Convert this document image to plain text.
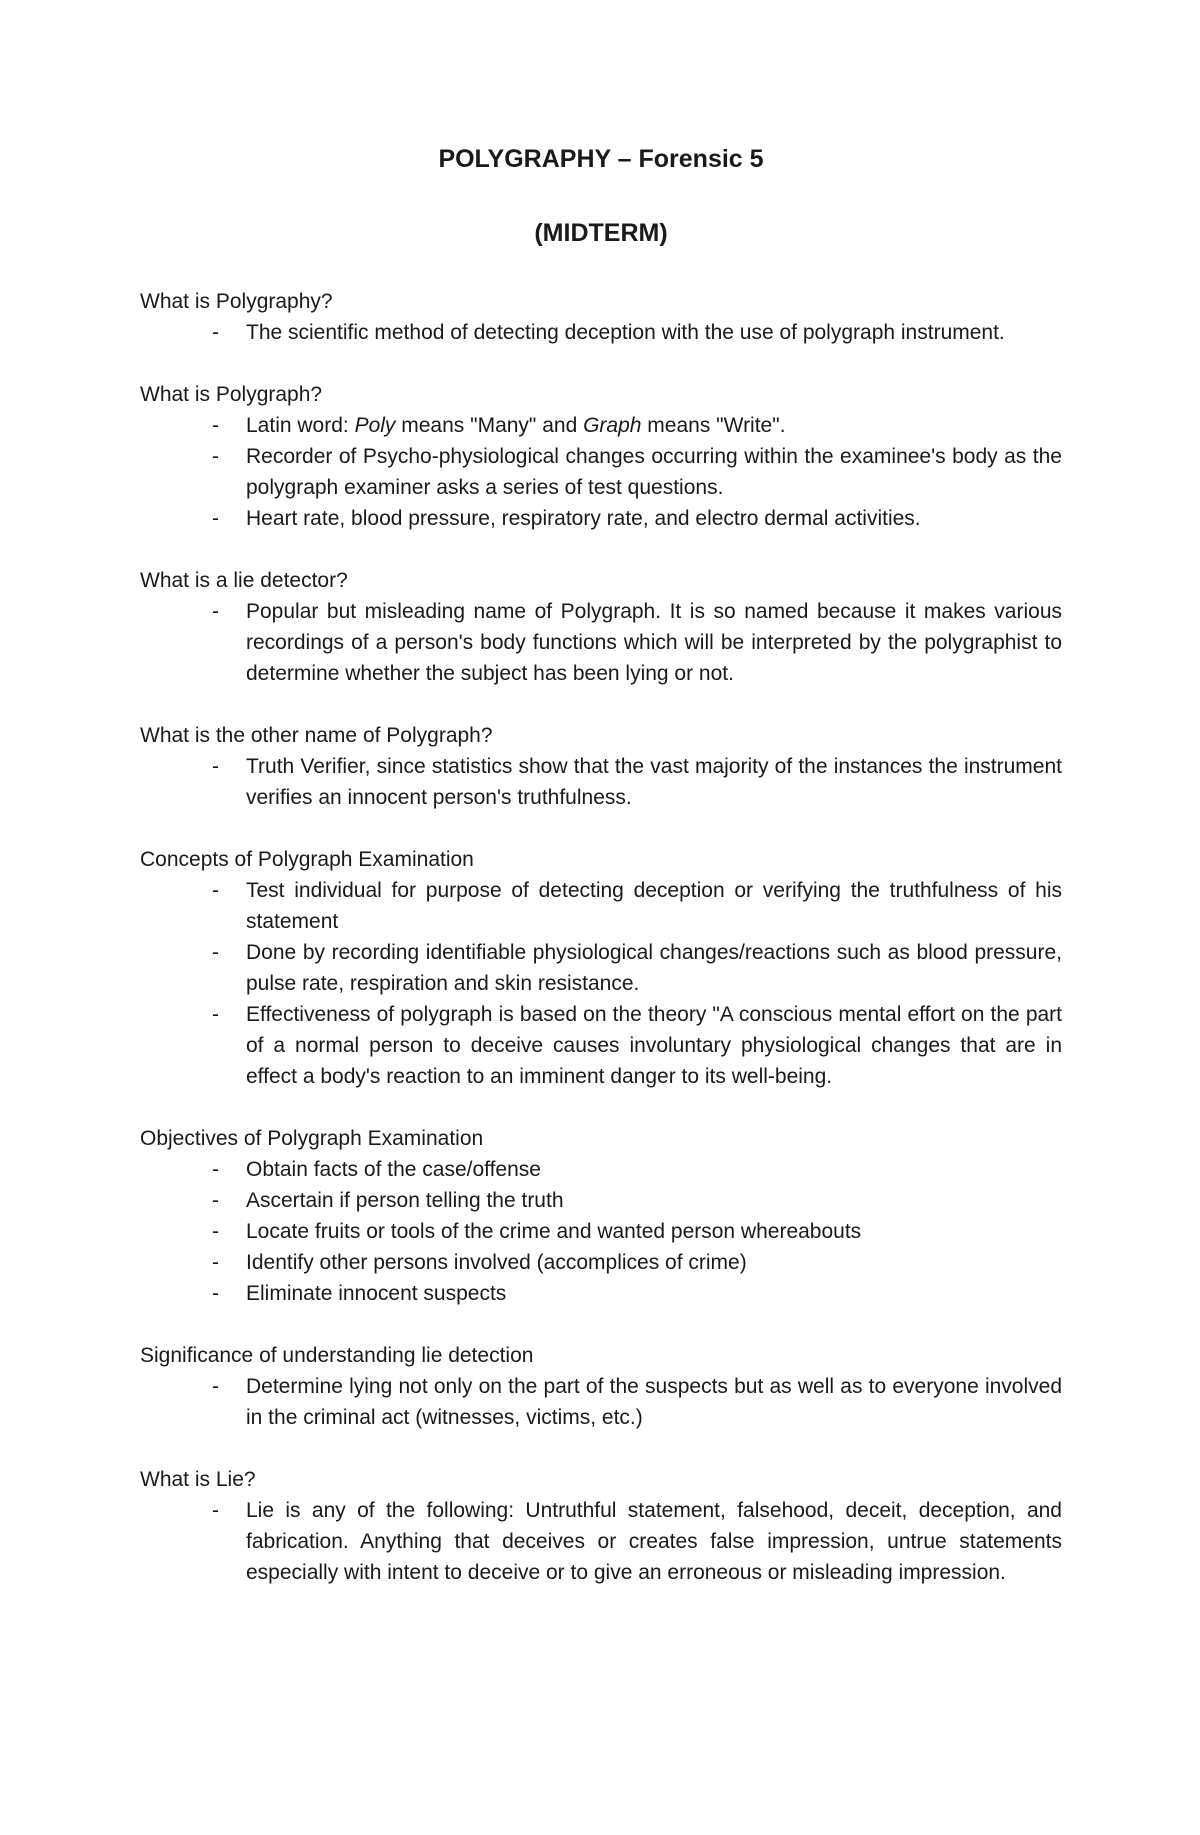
POLYGRAPHY – Forensic 5
(MIDTERM)
What is Polygraphy?
- The scientific method of detecting deception with the use of polygraph instrument.
What is Polygraph?
- Latin word: Poly means "Many" and Graph means "Write".
- Recorder of Psycho-physiological changes occurring within the examinee's body as the polygraph examiner asks a series of test questions.
- Heart rate, blood pressure, respiratory rate, and electro dermal activities.
What is a lie detector?
- Popular but misleading name of Polygraph. It is so named because it makes various recordings of a person's body functions which will be interpreted by the polygraphist to determine whether the subject has been lying or not.
What is the other name of Polygraph?
- Truth Verifier, since statistics show that the vast majority of the instances the instrument verifies an innocent person's truthfulness.
Concepts of Polygraph Examination
- Test individual for purpose of detecting deception or verifying the truthfulness of his statement
- Done by recording identifiable physiological changes/reactions such as blood pressure, pulse rate, respiration and skin resistance.
- Effectiveness of polygraph is based on the theory "A conscious mental effort on the part of a normal person to deceive causes involuntary physiological changes that are in effect a body's reaction to an imminent danger to its well-being.
Objectives of Polygraph Examination
- Obtain facts of the case/offense
- Ascertain if person telling the truth
- Locate fruits or tools of the crime and wanted person whereabouts
- Identify other persons involved (accomplices of crime)
- Eliminate innocent suspects
Significance of understanding lie detection
- Determine lying not only on the part of the suspects but as well as to everyone involved in the criminal act (witnesses, victims, etc.)
What is Lie?
- Lie is any of the following: Untruthful statement, falsehood, deceit, deception, and fabrication. Anything that deceives or creates false impression, untrue statements especially with intent to deceive or to give an erroneous or misleading impression.
